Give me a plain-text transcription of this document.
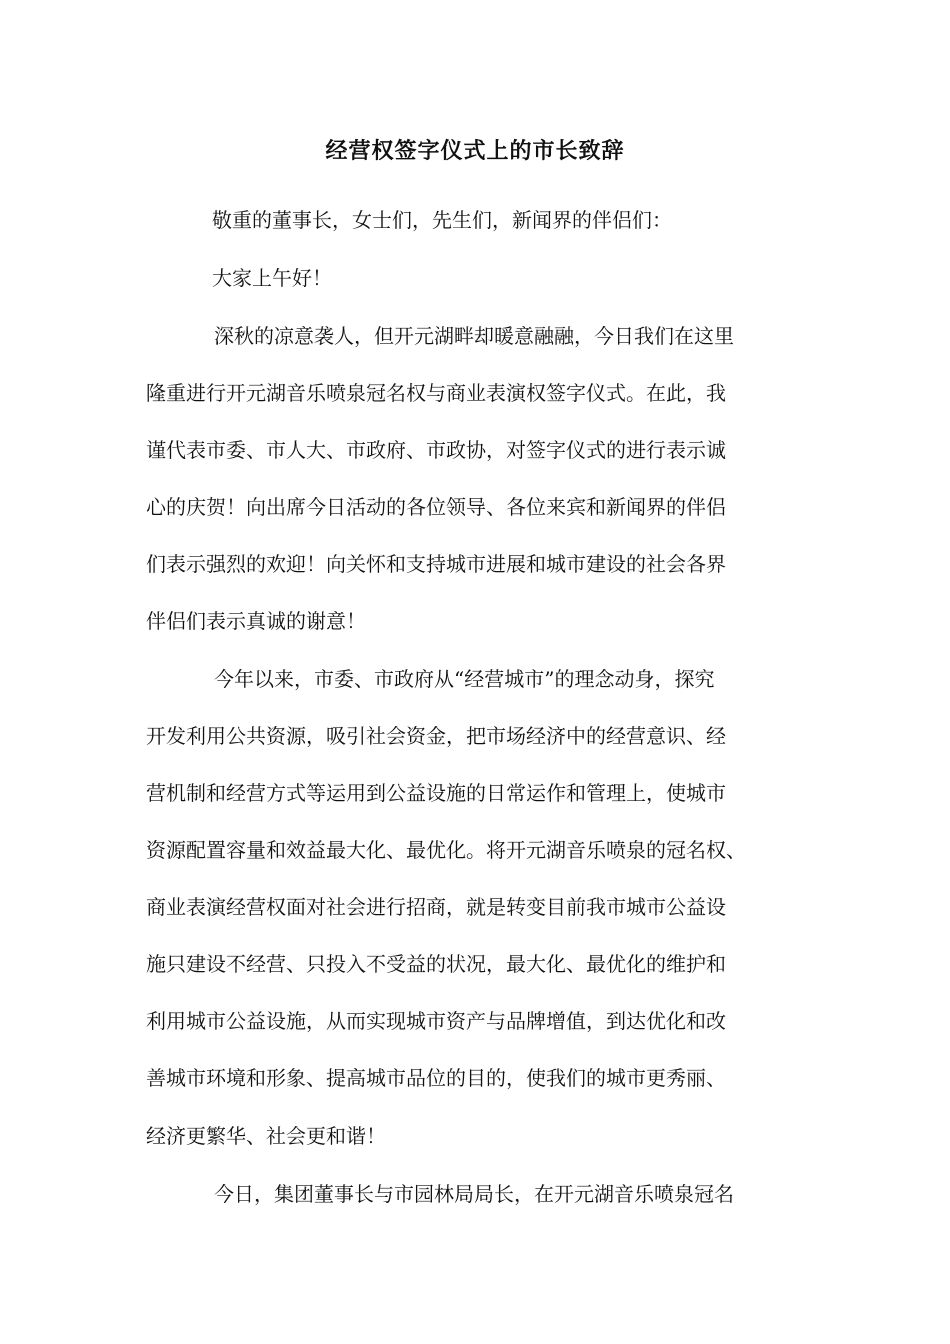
经营权签字仪式上的市长致辞
敬重的董事长，女士们，先生们，新闻界的伴侣们：
大家上午好！
深秋的凉意袭人，但开元湖畔却暖意融融，今日我们在这里
隆重进行开元湖音乐喷泉冠名权与商业表演权签字仪式。在此，我
谨代表市委、市人大、市政府、市政协，对签字仪式的进行表示诚
心的庆贺！向出席今日活动的各位领导、各位来宾和新闻界的伴侣
们表示强烈的欢迎！向关怀和支持城市进展和城市建设的社会各界
伴侣们表示真诚的谢意！
今年以来，市委、市政府从“经营城市”的理念动身，探究
开发利用公共资源，吸引社会资金，把市场经济中的经营意识、经
营机制和经营方式等运用到公益设施的日常运作和管理上，使城市
资源配置容量和效益最大化、最优化。将开元湖音乐喷泉的冠名权、
商业表演经营权面对社会进行招商，就是转变目前我市城市公益设
施只建设不经营、只投入不受益的状况，最大化、最优化的维护和
利用城市公益设施，从而实现城市资产与品牌增值，到达优化和改
善城市环境和形象、提高城市品位的目的，使我们的城市更秀丽、
经济更繁华、社会更和谐！
今日，集团董事长与市园林局局长，在开元湖音乐喷泉冠名
